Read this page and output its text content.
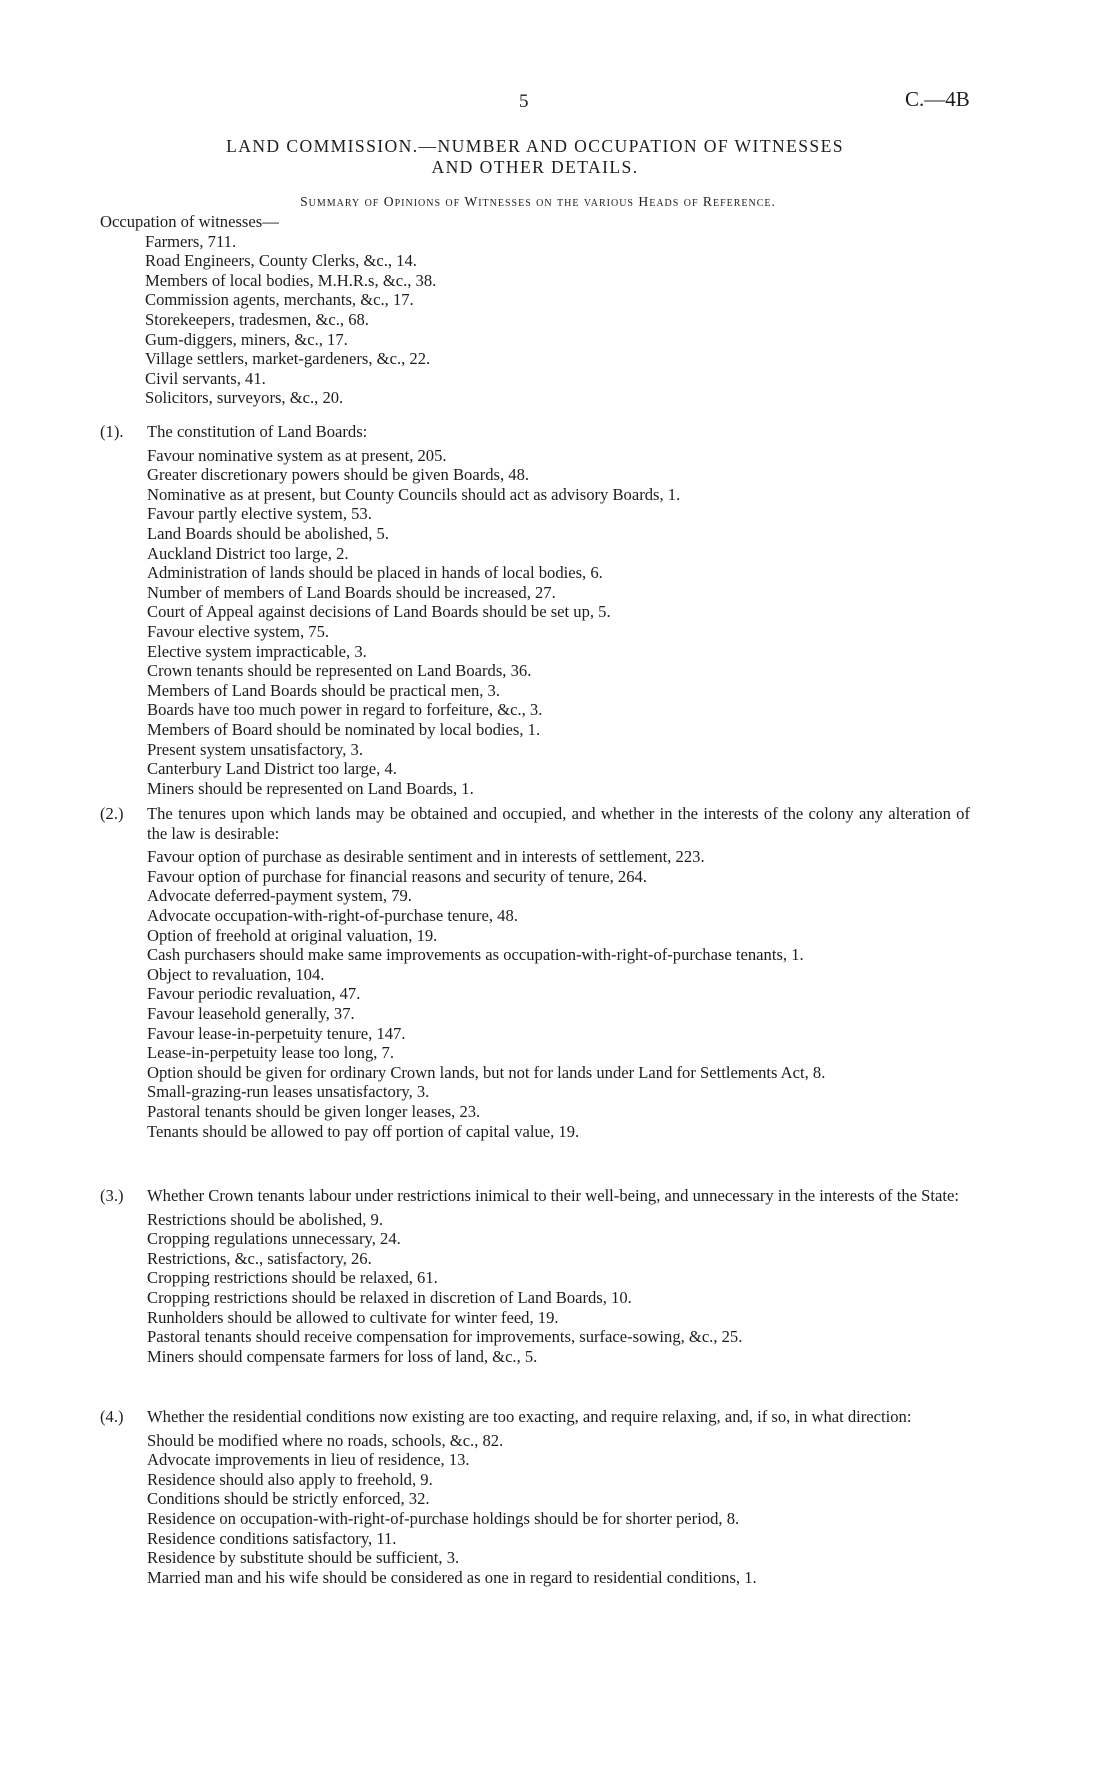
5	C.—4B
LAND COMMISSION.—NUMBER AND OCCUPATION OF WITNESSES
AND OTHER DETAILS.
Summary of Opinions of Witnesses on the various Heads of Reference.
Occupation of witnesses—
Farmers, 711.
Road Engineers, County Clerks, &c., 14.
Members of local bodies, M.H.R.s, &c., 38.
Commission agents, merchants, &c., 17.
Storekeepers, tradesmen, &c., 68.
Gum-diggers, miners, &c., 17.
Village settlers, market-gardeners, &c., 22.
Civil servants, 41.
Solicitors, surveyors, &c., 20.
(1). The constitution of Land Boards:
Favour nominative system as at present, 205.
Greater discretionary powers should be given Boards, 48.
Nominative as at present, but County Councils should act as advisory Boards, 1.
Favour partly elective system, 53.
Land Boards should be abolished, 5.
Auckland District too large, 2.
Administration of lands should be placed in hands of local bodies, 6.
Number of members of Land Boards should be increased, 27.
Court of Appeal against decisions of Land Boards should be set up, 5.
Favour elective system, 75.
Elective system impracticable, 3.
Crown tenants should be represented on Land Boards, 36.
Members of Land Boards should be practical men, 3.
Boards have too much power in regard to forfeiture, &c., 3.
Members of Board should be nominated by local bodies, 1.
Present system unsatisfactory, 3.
Canterbury Land District too large, 4.
Miners should be represented on Land Boards, 1.
(2.) The tenures upon which lands may be obtained and occupied, and whether in the interests of the colony any alteration of the law is desirable:
Favour option of purchase as desirable sentiment and in interests of settlement, 223.
Favour option of purchase for financial reasons and security of tenure, 264.
Advocate deferred-payment system, 79.
Advocate occupation-with-right-of-purchase tenure, 48.
Option of freehold at original valuation, 19.
Cash purchasers should make same improvements as occupation-with-right-of-purchase tenants, 1.
Object to revaluation, 104.
Favour periodic revaluation, 47.
Favour leasehold generally, 37.
Favour lease-in-perpetuity tenure, 147.
Lease-in-perpetuity lease too long, 7.
Option should be given for ordinary Crown lands, but not for lands under Land for Settlements Act, 8.
Small-grazing-run leases unsatisfactory, 3.
Pastoral tenants should be given longer leases, 23.
Tenants should be allowed to pay off portion of capital value, 19.
(3.) Whether Crown tenants labour under restrictions inimical to their well-being, and unnecessary in the interests of the State:
Restrictions should be abolished, 9.
Cropping regulations unnecessary, 24.
Restrictions, &c., satisfactory, 26.
Cropping restrictions should be relaxed, 61.
Cropping restrictions should be relaxed in discretion of Land Boards, 10.
Runholders should be allowed to cultivate for winter feed, 19.
Pastoral tenants should receive compensation for improvements, surface-sowing, &c., 25.
Miners should compensate farmers for loss of land, &c., 5.
(4.) Whether the residential conditions now existing are too exacting, and require relaxing, and, if so, in what direction:
Should be modified where no roads, schools, &c., 82.
Advocate improvements in lieu of residence, 13.
Residence should also apply to freehold, 9.
Conditions should be strictly enforced, 32.
Residence on occupation-with-right-of-purchase holdings should be for shorter period, 8.
Residence conditions satisfactory, 11.
Residence by substitute should be sufficient, 3.
Married man and his wife should be considered as one in regard to residential conditions, 1.
